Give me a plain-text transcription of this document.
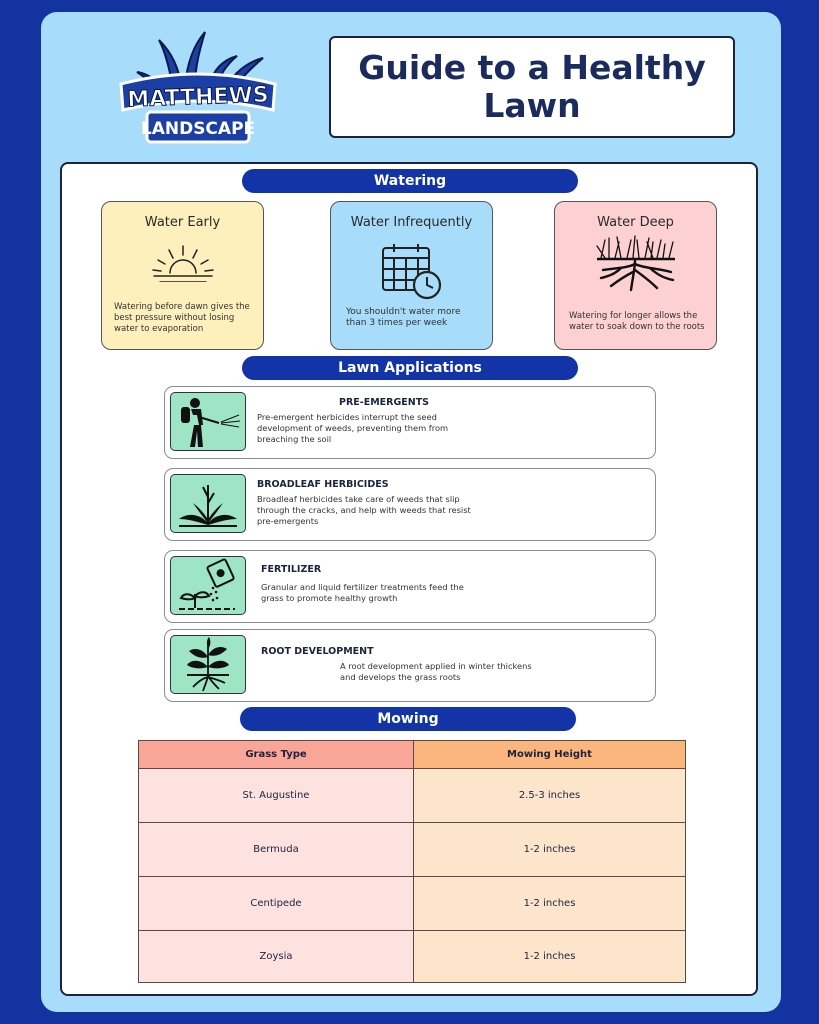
MATTHEWS
LANDSCAPE
Guide to a Healthy Lawn
Watering
Water Early
Watering before dawn gives the best pressure without losing water to evaporation
Water Infrequently
You shouldn't water more than 3 times per week
Water Deep
Watering for longer allows the water to soak down to the roots
Lawn Applications
PRE-EMERGENTS
Pre-emergent herbicides interrupt the seed development of weeds, preventing them from breaching the soil
BROADLEAF HERBICIDES
Broadleaf herbicides take care of weeds that slip through the cracks, and help with weeds that resist pre-emergents
FERTILIZER
Granular and liquid fertilizer treatments feed the grass to promote healthy growth
ROOT DEVELOPMENT
A root development applied in winter thickens and develops the grass roots
Mowing
Grass Type	Mowing Height
St. Augustine	2.5-3 inches
Bermuda	1-2 inches
Centipede	1-2 inches
Zoysia	1-2 inches
